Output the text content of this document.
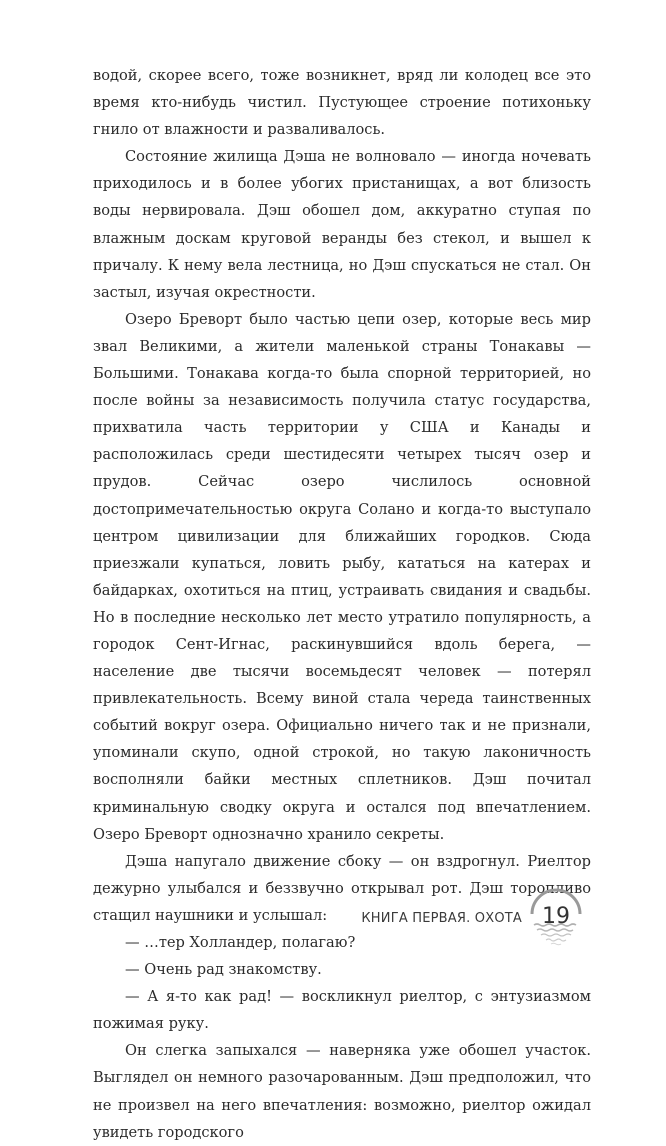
водой, скорее всего, тоже возникнет, вряд ли колодец все это время кто-нибудь чистил. Пустующее строение потихоньку гнило от влажности и разваливалось.

Состояние жилища Дэша не волновало — иногда ночевать приходилось и в более убогих пристанищах, а вот близость воды нервировала. Дэш обошел дом, аккуратно ступая по влажным доскам круговой веранды без стекол, и вышел к причалу. К нему вела лестница, но Дэш спускаться не стал. Он застыл, изучая окрестности.

Озеро Бреворт было частью цепи озер, которые весь мир звал Великими, а жители маленькой страны Тонакавы — Большими. Тонакава когда-то была спорной территорией, но после войны за независимость получила статус государства, прихватила часть территории у США и Канады и расположилась среди шестидесяти четырех тысяч озер и прудов. Сейчас озеро числилось основной достопримечательностью округа Солано и когда-то выступало центром цивилизации для ближайших городков. Сюда приезжали купаться, ловить рыбу, кататься на катерах и байдарках, охотиться на птиц, устраивать свидания и свадьбы. Но в последние несколько лет место утратило популярность, а городок Сент-Игнас, раскинувшийся вдоль берега, — население две тысячи восемьдесят человек — потерял привлекательность. Всему виной стала череда таинственных событий вокруг озера. Официально ничего так и не признали, упоминали скупо, одной строкой, но такую лаконичность восполняли байки местных сплетников. Дэш почитал криминальную сводку округа и остался под впечатлением. Озеро Бреворт однозначно хранило секреты.

Дэша напугало движение сбоку — он вздрогнул. Риелтор дежурно улыбался и беззвучно открывал рот. Дэш торопливо стащил наушники и услышал:

— …тер Холландер, полагаю?

— Очень рад знакомству.

— А я-то как рад! — воскликнул риелтор, с энтузиазмом пожимая руку.

Он слегка запыхался — наверняка уже обошел участок. Выглядел он немного разочарованным. Дэш предположил, что не произвел на него впечатления: возможно, риелтор ожидал увидеть городского

КНИГА ПЕРВАЯ. ОХОТА 19
